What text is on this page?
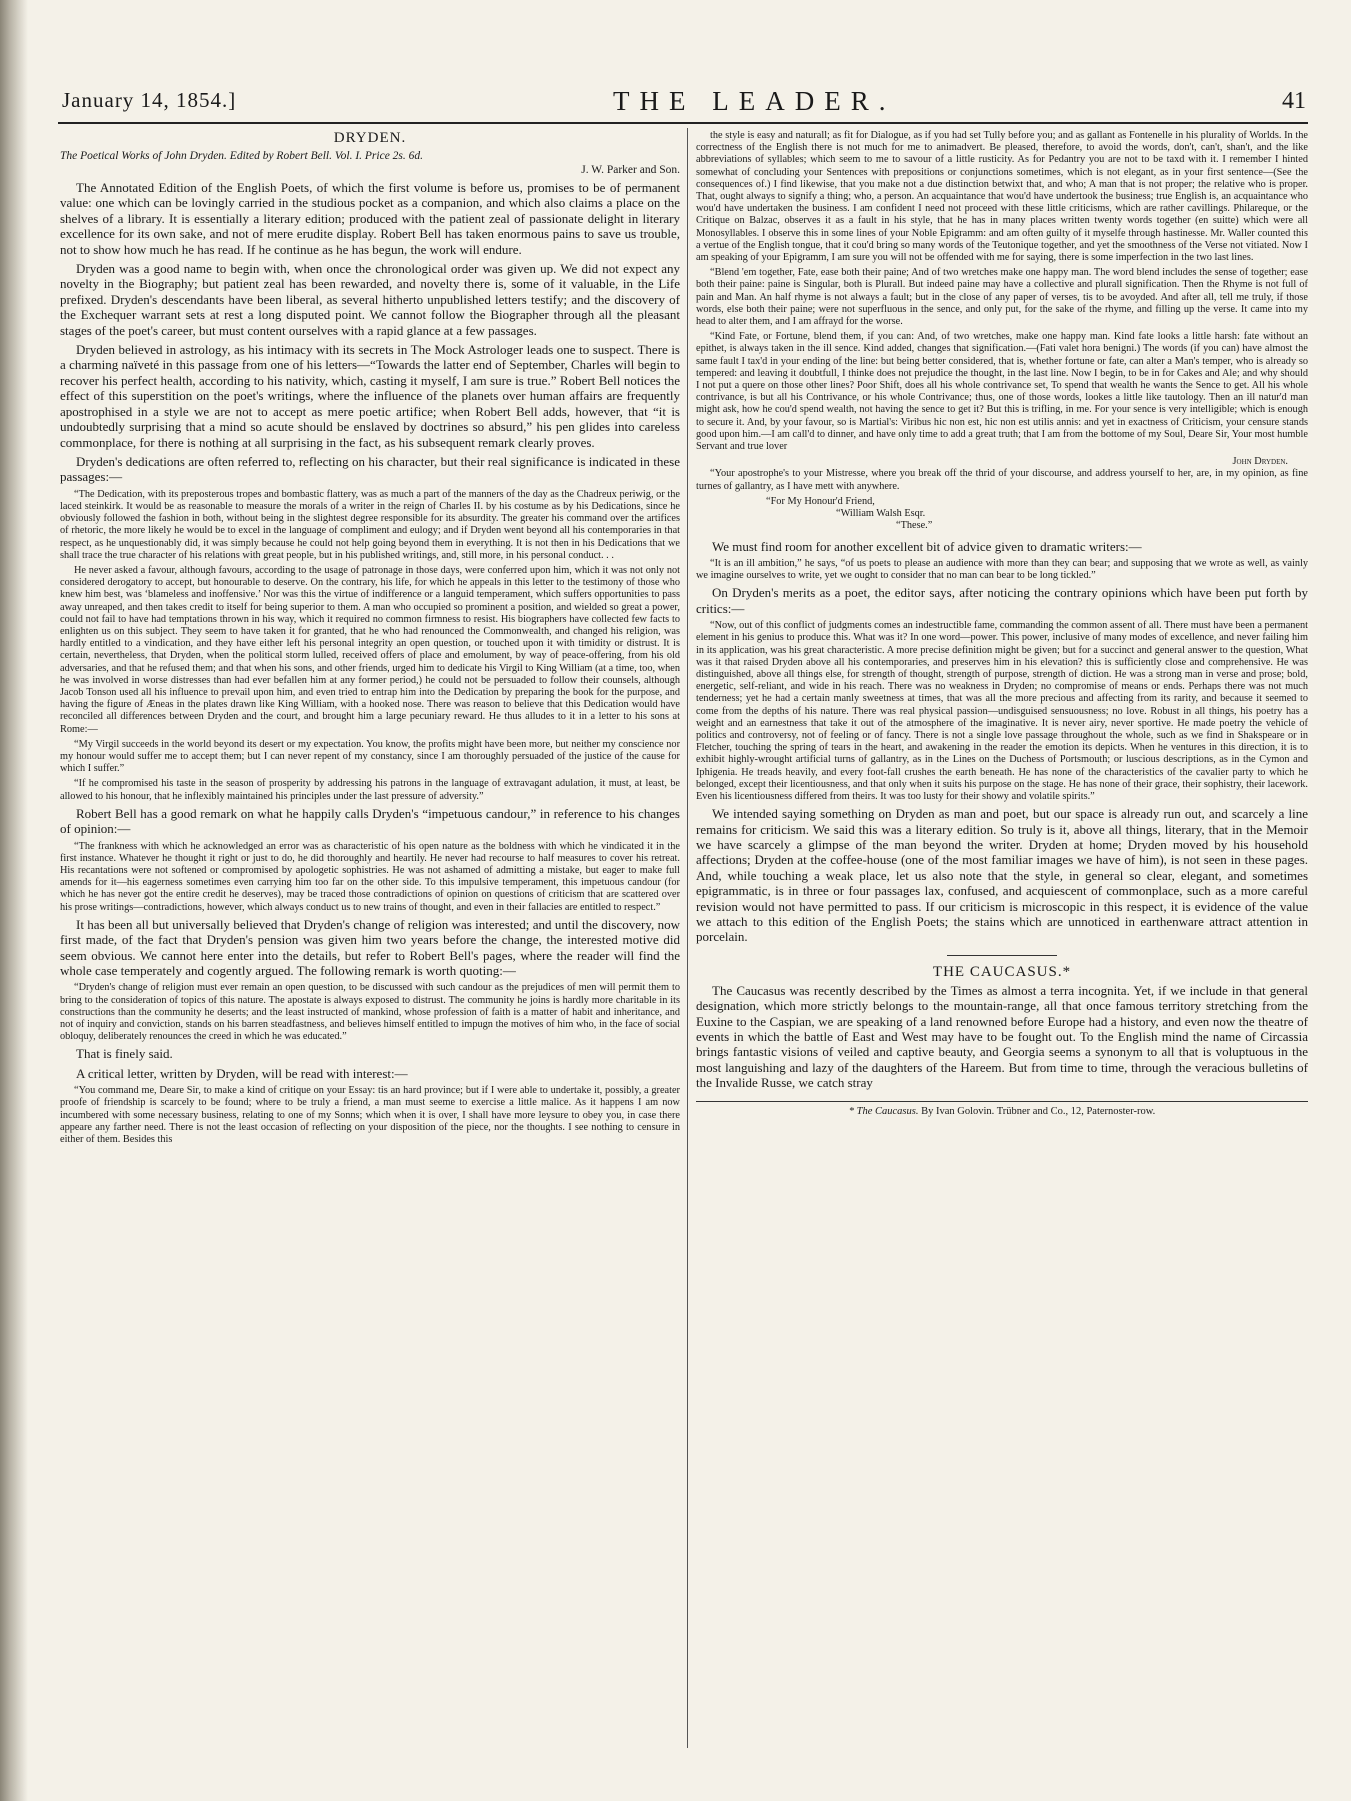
January 14, 1854.]	THE LEADER.	41
DRYDEN.
The Poetical Works of John Dryden. Edited by Robert Bell. Vol. I. Price 2s. 6d.
J. W. Parker and Son.

The Annotated Edition of the English Poets, of which the first volume is before us, promises to be of permanent value: one which can be lovingly carried in the studious pocket as a companion, and which also claims a place on the shelves of a library. It is essentially a literary edition; produced with the patient zeal of passionate delight in literary excellence for its own sake, and not of mere erudite display. Robert Bell has taken enormous pains to save us trouble, not to show how much he has read. If he continue as he has begun, the work will endure.

Dryden was a good name to begin with, when once the chronological order was given up. We did not expect any novelty in the Biography; but patient zeal has been rewarded, and novelty there is, some of it valuable, in the Life prefixed. Dryden's descendants have been liberal, as several hitherto unpublished letters testify; and the discovery of the Exchequer warrant sets at rest a long disputed point. We cannot follow the Biographer through all the pleasant stages of the poet's career, but must content ourselves with a rapid glance at a few passages.

Dryden believed in astrology, as his intimacy with its secrets in The Mock Astrologer leads one to suspect. There is a charming naïveté in this passage from one of his letters—“Towards the latter end of September, Charles will begin to recover his perfect health, according to his nativity, which, casting it myself, I am sure is true.” Robert Bell notices the effect of this superstition on the poet's writings, where the influence of the planets over human affairs are frequently apostrophised in a style we are not to accept as mere poetic artifice; when Robert Bell adds, however, that “it is undoubtedly surprising that a mind so acute should be enslaved by doctrines so absurd,” his pen glides into careless commonplace, for there is nothing at all surprising in the fact, as his subsequent remark clearly proves.

Dryden's dedications are often referred to, reflecting on his character, but their real significance is indicated in these passages:—

“The Dedication, with its preposterous tropes and bombastic flattery, was as much a part of the manners of the day as the Chadreux periwig, or the laced steinkirk. It would be as reasonable to measure the morals of a writer in the reign of Charles II. by his costume as by his Dedications, since he obviously followed the fashion in both, without being in the slightest degree responsible for its absurdity. The greater his command over the artifices of rhetoric, the more likely he would be to excel in the language of compliment and eulogy; and if Dryden went beyond all his contemporaries in that respect, as he unquestionably did, it was simply because he could not help going beyond them in everything. It is not then in his Dedications that we shall trace the true character of his relations with great people, but in his published writings, and, still more, in his personal conduct. . .

He never asked a favour, although favours, according to the usage of patronage in those days, were conferred upon him, which it was not only not considered derogatory to accept, but honourable to deserve. On the contrary, his life, for which he appeals in this letter to the testimony of those who knew him best, was ‘blameless and inoffensive.’ Nor was this the virtue of indifference or a languid temperament, which suffers opportunities to pass away unreaped, and then takes credit to itself for being superior to them. A man who occupied so prominent a position, and wielded so great a power, could not fail to have had temptations thrown in his way, which it required no common firmness to resist. His biographers have collected few facts to enlighten us on this subject. They seem to have taken it for granted, that he who had renounced the Commonwealth, and changed his religion, was hardly entitled to a vindication, and they have either left his personal integrity an open question, or touched upon it with timidity or distrust. It is certain, nevertheless, that Dryden, when the political storm lulled, received offers of place and emolument, by way of peace-offering, from his old adversaries, and that he refused them; and that when his sons, and other friends, urged him to dedicate his Virgil to King William (at a time, too, when he was involved in worse distresses than had ever befallen him at any former period,) he could not be persuaded to follow their counsels, although Jacob Tonson used all his influence to prevail upon him, and even tried to entrap him into the Dedication by preparing the book for the purpose, and having the figure of Æneas in the plates drawn like King William, with a hooked nose. There was reason to believe that this Dedication would have reconciled all differences between Dryden and the court, and brought him a large pecuniary reward. He thus alludes to it in a letter to his sons at Rome:—

“My Virgil succeeds in the world beyond its desert or my expectation. You know, the profits might have been more, but neither my conscience nor my honour would suffer me to accept them; but I can never repent of my constancy, since I am thoroughly persuaded of the justice of the cause for which I suffer.”

“If he compromised his taste in the season of prosperity by addressing his patrons in the language of extravagant adulation, it must, at least, be allowed to his honour, that he inflexibly maintained his principles under the last pressure of adversity.”

Robert Bell has a good remark on what he happily calls Dryden's “impetuous candour,” in reference to his changes of opinion:—

“The frankness with which he acknowledged an error was as characteristic of his open nature as the boldness with which he vindicated it in the first instance. Whatever he thought it right or just to do, he did thoroughly and heartily. He never had recourse to half measures to cover his retreat. His recantations were not softened or compromised by apologetic sophistries. He was not ashamed of admitting a mistake, but eager to make full amends for it—his eagerness sometimes even carrying him too far on the other side. To this impulsive temperament, this impetuous candour (for which he has never got the entire credit he deserves), may be traced those contradictions of opinion on questions of criticism that are scattered over his prose writings—contradictions, however, which always conduct us to new trains of thought, and even in their fallacies are entitled to respect.”

It has been all but universally believed that Dryden's change of religion was interested; and until the discovery, now first made, of the fact that Dryden's pension was given him two years before the change, the interested motive did seem obvious. We cannot here enter into the details, but refer to Robert Bell's pages, where the reader will find the whole case temperately and cogently argued. The following remark is worth quoting:—

“Dryden's change of religion must ever remain an open question, to be discussed with such candour as the prejudices of men will permit them to bring to the consideration of topics of this nature. The apostate is always exposed to distrust. The community he joins is hardly more charitable in its constructions than the community he deserts; and the least instructed of mankind, whose profession of faith is a matter of habit and inheritance, and not of inquiry and conviction, stands on his barren steadfastness, and believes himself entitled to impugn the motives of him who, in the face of social obloquy, deliberately renounces the creed in which he was educated.”

That is finely said.

A critical letter, written by Dryden, will be read with interest:—

“You command me, Deare Sir, to make a kind of critique on your Essay: tis an hard province; but if I were able to undertake it, possibly, a greater proofe of friendship is scarcely to be found; where to be truly a friend, a man must seeme to exercise a little malice. As it happens I am now incumbered with some necessary business, relating to one of my Sonns; which when it is over, I shall have more leysure to obey you, in case there appeare any farther need. There is not the least occasion of reflecting on your disposition of the piece, nor the thoughts. I see nothing to censure in either of them. Besides this

the style is easy and naturall; as fit for Dialogue, as if you had set Tully before you; and as gallant as Fontenelle in his plurality of Worlds. In the correctness of the English there is not much for me to animadvert. Be pleased, therefore, to avoid the words, don't, can't, shan't, and the like abbreviations of syllables; which seem to me to savour of a little rusticity. As for Pedantry you are not to be taxd with it. I remember I hinted somewhat of concluding your Sentences with prepositions or conjunctions sometimes, which is not elegant, as in your first sentence—(See the consequences of.) I find likewise, that you make not a due distinction betwixt that, and who; A man that is not proper; the relative who is proper. That, ought always to signify a thing; who, a person. An acquaintance that wou'd have undertook the business; true English is, an acquaintance who wou'd have undertaken the business. I am confident I need not proceed with these little criticisms, which are rather cavillings. Philareque, or the Critique on Balzac, observes it as a fault in his style, that he has in many places written twenty words together (en suitte) which were all Monosyllables. I observe this in some lines of your Noble Epigramm: and am often guilty of it myselfe through hastinesse. Mr. Waller counted this a vertue of the English tongue, that it cou'd bring so many words of the Teutonique together, and yet the smoothness of the Verse not vitiated. Now I am speaking of your Epigramm, I am sure you will not be offended with me for saying, there is some imperfection in the two last lines.

“Blend 'em together, Fate, ease both their paine; And of two wretches make one happy man. The word blend includes the sense of together; ease both their paine: paine is Singular, both is Plurall. But indeed paine may have a collective and plurall signification. Then the Rhyme is not full of pain and Man. An half rhyme is not always a fault; but in the close of any paper of verses, tis to be avoyded. And after all, tell me truly, if those words, else both their paine; were not superfluous in the sence, and only put, for the sake of the rhyme, and filling up the verse. It came into my head to alter them, and I am affrayd for the worse.

“Kind Fate, or Fortune, blend them, if you can: And, of two wretches, make one happy man. Kind fate looks a little harsh: fate without an epithet, is always taken in the ill sence. Kind added, changes that signification.—(Fati valet hora benigni.) The words (if you can) have almost the same fault I tax'd in your ending of the line: but being better considered, that is, whether fortune or fate, can alter a Man's temper, who is already so tempered: and leaving it doubtfull, I thinke does not prejudice the thought, in the last line. Now I begin, to be in for Cakes and Ale; and why should I not put a quere on those other lines? Poor Shift, does all his whole contrivance set, To spend that wealth he wants the Sence to get. All his whole contrivance, is but all his Contrivance, or his whole Contrivance; thus, one of those words, lookes a little like tautology. Then an ill natur'd man might ask, how he cou'd spend wealth, not having the sence to get it? But this is trifling, in me. For your sence is very intelligible; which is enough to secure it. And, by your favour, so is Martial's: Viribus hic non est, hic non est utilis annis: and yet in exactness of Criticism, your censure stands good upon him.—I am call'd to dinner, and have only time to add a great truth; that I am from the bottome of my Soul, Deare Sir, Your most humble Servant and true lover

John Dryden.

“Your apostrophe's to your Mistresse, where you break off the thrid of your discourse, and address yourself to her, are, in my opinion, as fine turnes of gallantry, as I have mett with anywhere.

“For My Honour'd Friend,
“William Walsh Esqr.
“These.”

We must find room for another excellent bit of advice given to dramatic writers:—

“It is an ill ambition,” he says, “of us poets to please an audience with more than they can bear; and supposing that we wrote as well, as vainly we imagine ourselves to write, yet we ought to consider that no man can bear to be long tickled.”

On Dryden's merits as a poet, the editor says, after noticing the contrary opinions which have been put forth by critics:—

“Now, out of this conflict of judgments comes an indestructible fame, commanding the common assent of all. There must have been a permanent element in his genius to produce this. What was it? In one word—power. This power, inclusive of many modes of excellence, and never failing him in its application, was his great characteristic. A more precise definition might be given; but for a succinct and general answer to the question, What was it that raised Dryden above all his contemporaries, and preserves him in his elevation? this is sufficiently close and comprehensive. He was distinguished, above all things else, for strength of thought, strength of purpose, strength of diction. He was a strong man in verse and prose; bold, energetic, self-reliant, and wide in his reach. There was no weakness in Dryden; no compromise of means or ends. Perhaps there was not much tenderness; yet he had a certain manly sweetness at times, that was all the more precious and affecting from its rarity, and because it seemed to come from the depths of his nature. There was real physical passion—undisguised sensuousness; no love. Robust in all things, his poetry has a weight and an earnestness that take it out of the atmosphere of the imaginative. It is never airy, never sportive. He made poetry the vehicle of politics and controversy, not of feeling or of fancy. There is not a single love passage throughout the whole, such as we find in Shakspeare or in Fletcher, touching the spring of tears in the heart, and awakening in the reader the emotion its depicts. When he ventures in this direction, it is to exhibit highly-wrought artificial turns of gallantry, as in the Lines on the Duchess of Portsmouth; or luscious descriptions, as in the Cymon and Iphigenia. He treads heavily, and every foot-fall crushes the earth beneath. He has none of the characteristics of the cavalier party to which he belonged, except their licentiousness, and that only when it suits his purpose on the stage. He has none of their grace, their sophistry, their lacework. Even his licentiousness differed from theirs. It was too lusty for their showy and volatile spirits.”

We intended saying something on Dryden as man and poet, but our space is already run out, and scarcely a line remains for criticism. We said this was a literary edition. So truly is it, above all things, literary, that in the Memoir we have scarcely a glimpse of the man beyond the writer. Dryden at home; Dryden moved by his household affections; Dryden at the coffee-house (one of the most familiar images we have of him), is not seen in these pages. And, while touching a weak place, let us also note that the style, in general so clear, elegant, and sometimes epigrammatic, is in three or four passages lax, confused, and acquiescent of commonplace, such as a more careful revision would not have permitted to pass. If our criticism is microscopic in this respect, it is evidence of the value we attach to this edition of the English Poets; the stains which are unnoticed in earthenware attract attention in porcelain.

THE CAUCASUS.*

The Caucasus was recently described by the Times as almost a terra incognita. Yet, if we include in that general designation, which more strictly belongs to the mountain-range, all that once famous territory stretching from the Euxine to the Caspian, we are speaking of a land renowned before Europe had a history, and even now the theatre of events in which the battle of East and West may have to be fought out. To the English mind the name of Circassia brings fantastic visions of veiled and captive beauty, and Georgia seems a synonym to all that is voluptuous in the most languishing and lazy of the daughters of the Hareem. But from time to time, through the veracious bulletins of the Invalide Russe, we catch stray

* The Caucasus. By Ivan Golovin. Trübner and Co., 12, Paternoster-row.
